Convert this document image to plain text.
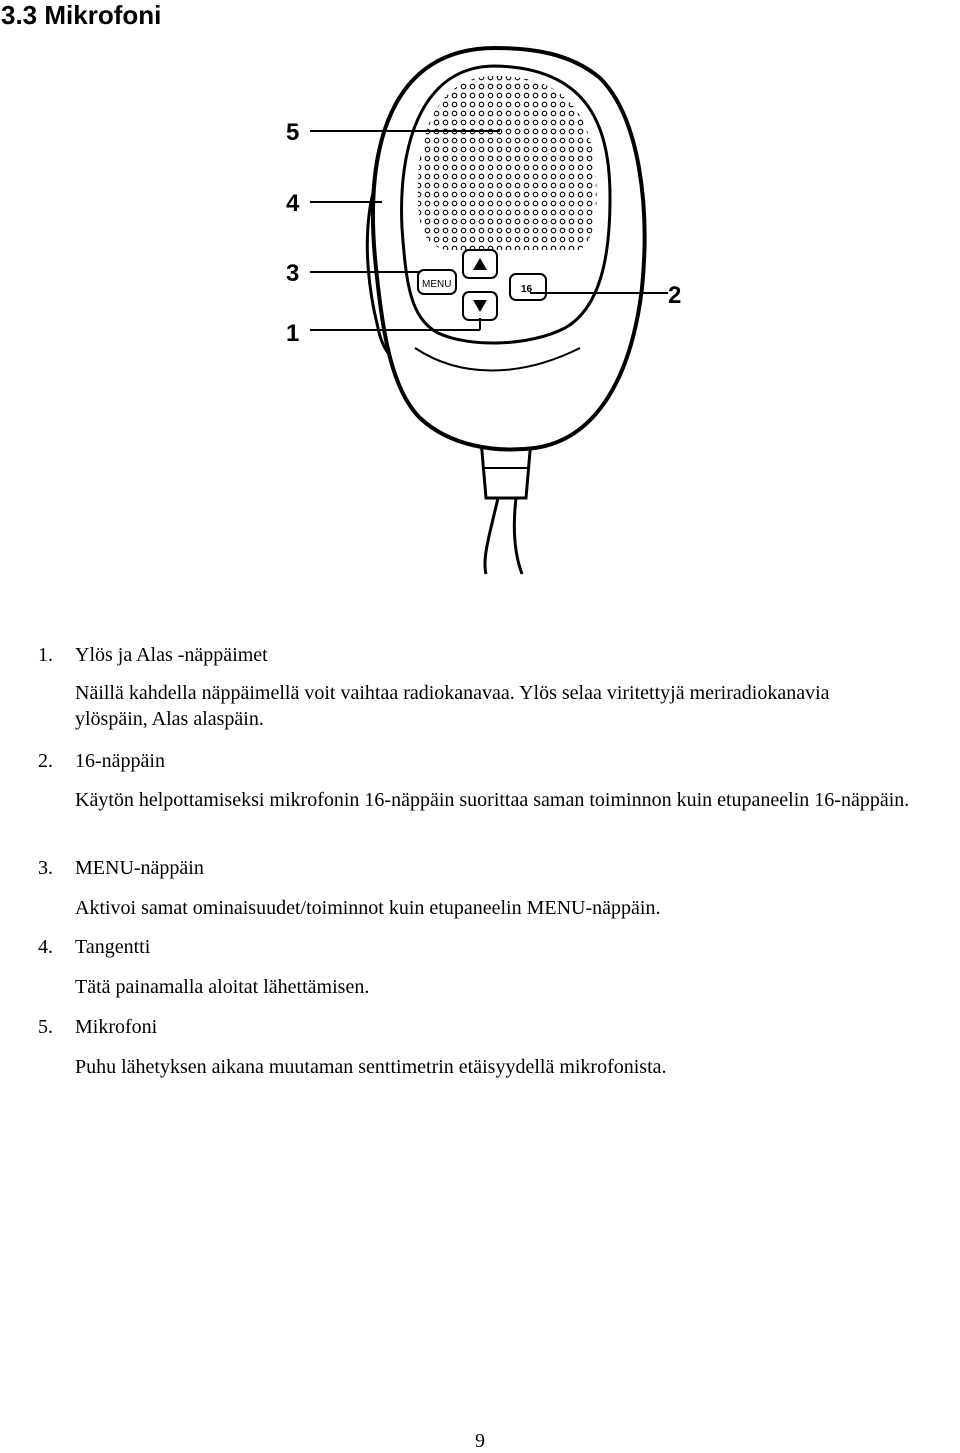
3.3 Mikrofoni
MENU	16
5
4
3
1
2
1. Ylös ja Alas -näppäimet
Näillä kahdella näppäimellä voit vaihtaa radiokanavaa. Ylös selaa viritettyjä meriradiokanavia ylöspäin, Alas alaspäin.
2. 16-näppäin
Käytön helpottamiseksi mikrofonin 16-näppäin suorittaa saman toiminnon kuin etupaneelin 16-näppäin.
3. MENU-näppäin
Aktivoi samat ominaisuudet/toiminnot kuin etupaneelin MENU-näppäin.
4. Tangentti
Tätä painamalla aloitat lähettämisen.
5. Mikrofoni
Puhu lähetyksen aikana muutaman senttimetrin etäisyydellä mikrofonista.
9
